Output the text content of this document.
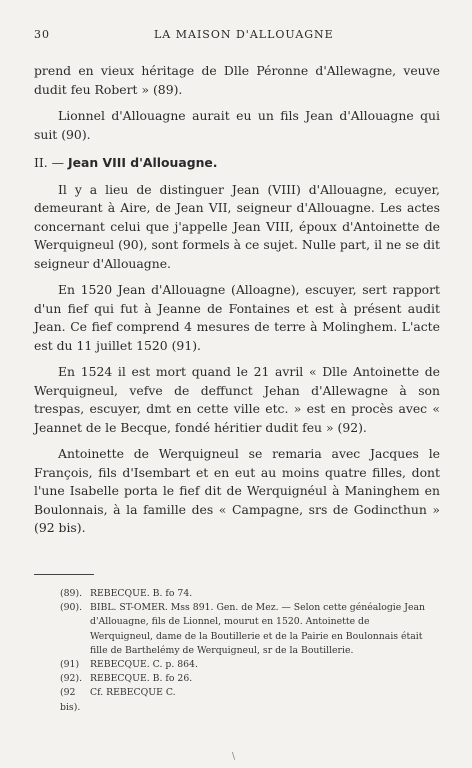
30	LA MAISON D'ALLOUAGNE

prend en vieux héritage de Dlle Péronne d'Allewagne, veuve dudit feu Robert » (89).

Lionnel d'Allouagne aurait eu un fils Jean d'Allouagne qui suit (90).

II. — Jean VIII d'Allouagne.

Il y a lieu de distinguer Jean (VIII) d'Allouagne, ecuyer, demeurant à Aire, de Jean VII, seigneur d'Allouagne. Les actes concernant celui que j'appelle Jean VIII, époux d'Antoinette de Werquigneul (90), sont formels à ce sujet. Nulle part, il ne se dit seigneur d'Allouagne.

En 1520 Jean d'Allouagne (Alloagne), escuyer, sert rapport d'un fief qui fut à Jeanne de Fontaines et est à présent audit Jean. Ce fief comprend 4 mesures de terre à Molinghem. L'acte est du 11 juillet 1520 (91).

En 1524 il est mort quand le 21 avril « Dlle Antoinette de Werquigneul, vefve de deffunct Jehan d'Allewagne à son trespas, escuyer, dmt en cette ville etc. » est en procès avec « Jeannet de le Becque, fondé héritier dudit feu » (92).

Antoinette de Werquigneul se remaria avec Jacques le François, fils d'Isembart et en eut au moins quatre filles, dont l'une Isabelle porta le fief dit de Werquignéul à Maninghem en Boulonnais, à la famille des « Campagne, srs de Godincthun » (92 bis).

(89). REBECQUE. B. fo 74.
(90). BIBL. ST-OMER. Mss 891. Gen. de Mez. — Selon cette généalogie Jean d'Allouagne, fils de Lionnel, mourut en 1520. Antoinette de Werquigneul, dame de la Boutillerie et de la Pairie en Boulonnais était fille de Barthelémy de Werquigneul, sr de la Boutillerie.
(91)	REBECQUE. C. p. 864.
(92). REBECQUE. B. fo 26.
(92 bis).
Cf. REBECQUE C.
\
